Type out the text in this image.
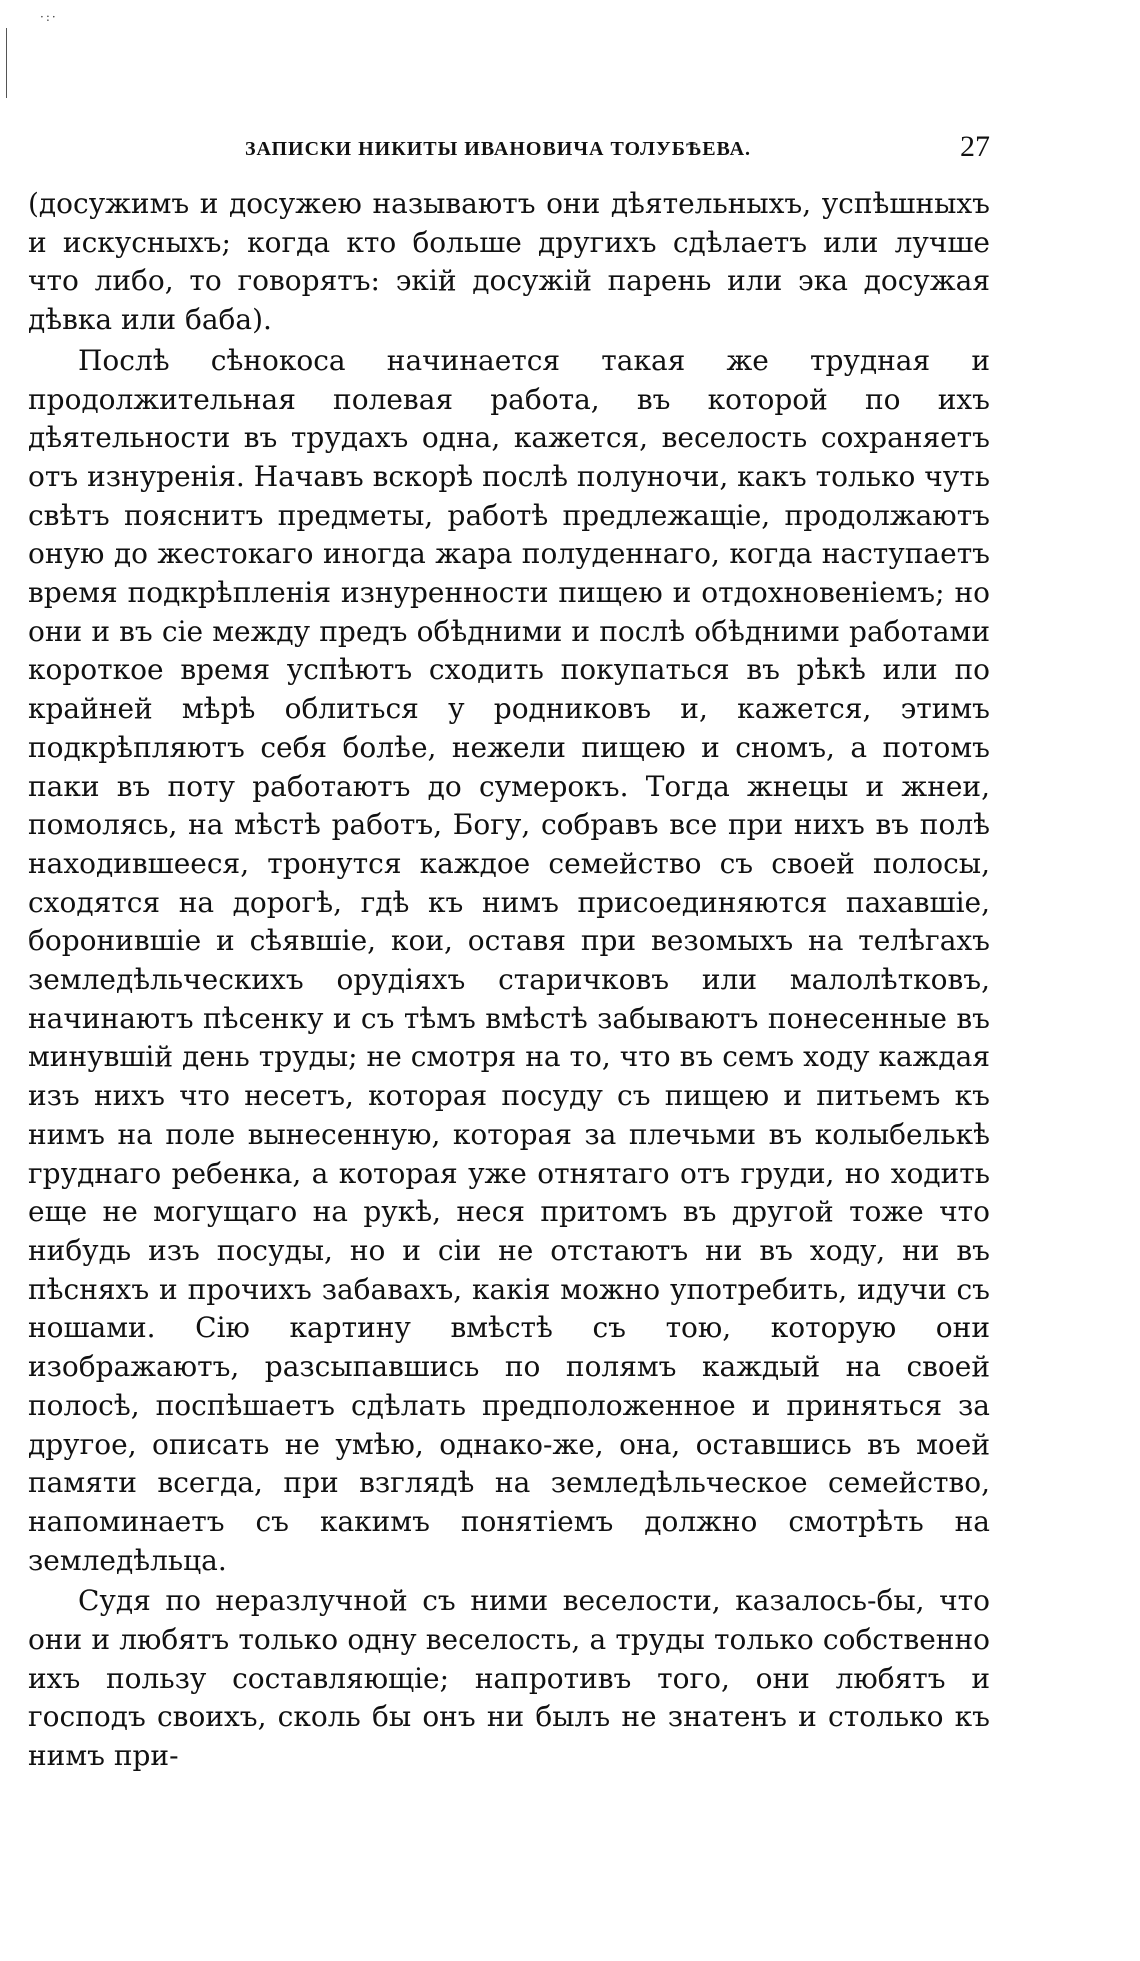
·:·
ЗАПИСКИ НИКИТЫ ИВАНОВИЧА ТОЛУБѢЕВА.	27

(досужимъ и досужею называютъ они дѣятельныхъ, успѣшныхъ и искусныхъ; когда кто больше другихъ сдѣлаетъ или лучше что либо, то говорятъ: экій досужій парень или эка досужая дѣвка или баба).

Послѣ сѣнокоса начинается такая же трудная и продолжительная полевая работа, въ которой по ихъ дѣятельности въ трудахъ одна, кажется, веселость сохраняетъ отъ изнуренія. Начавъ вскорѣ послѣ полуночи, какъ только чуть свѣтъ пояснитъ предметы, работѣ предлежащіе, продолжаютъ оную до жестокаго иногда жара полуденнаго, когда наступаетъ время подкрѣпленія изнуренности пищею и отдохновеніемъ; но они и въ сіе между предъ обѣдними и послѣ обѣдними работами короткое время успѣютъ сходить покупаться въ рѣкѣ или по крайней мѣрѣ облиться у родниковъ и, кажется, этимъ подкрѣпляютъ себя болѣе, нежели пищею и сномъ, а потомъ паки въ поту работаютъ до сумерокъ. Тогда жнецы и жнеи, помолясь, на мѣстѣ работъ, Богу, собравъ все при нихъ въ полѣ находившееся, тронутся каждое семейство съ своей полосы, сходятся на дорогѣ, гдѣ къ нимъ присоединяются пахавшіе, боронившіе и сѣявшіе, кои, оставя при везомыхъ на телѣгахъ земледѣльческихъ орудіяхъ старичковъ или малолѣтковъ, начинаютъ пѣсенку и съ тѣмъ вмѣстѣ забываютъ понесенные въ минувшій день труды; не смотря на то, что въ семъ ходу каждая изъ нихъ что несетъ, которая посуду съ пищею и питьемъ къ нимъ на поле вынесенную, которая за плечьми въ колыбелькѣ груднаго ребенка, а которая уже отнятаго отъ груди, но ходить еще не могущаго на рукѣ, неся притомъ въ другой тоже что нибудь изъ посуды, но и сіи не отстаютъ ни въ ходу, ни въ пѣсняхъ и прочихъ забавахъ, какія можно употребить, идучи съ ношами. Сію картину вмѣстѣ съ тою, которую они изображаютъ, разсыпавшись по полямъ каждый на своей полосѣ, поспѣшаетъ сдѣлать предположенное и приняться за другое, описать не умѣю, однако-же, она, оставшись въ моей памяти всегда, при взглядѣ на земледѣльческое семейство, напоминаетъ съ какимъ понятіемъ должно смотрѣть на земледѣльца.

Судя по неразлучной съ ними веселости, казалось-бы, что они и любятъ только одну веселость, а труды только собственно ихъ пользу составляющіе; напротивъ того, они любятъ и господъ своихъ, сколь бы онъ ни былъ не знатенъ и столько къ нимъ при-
